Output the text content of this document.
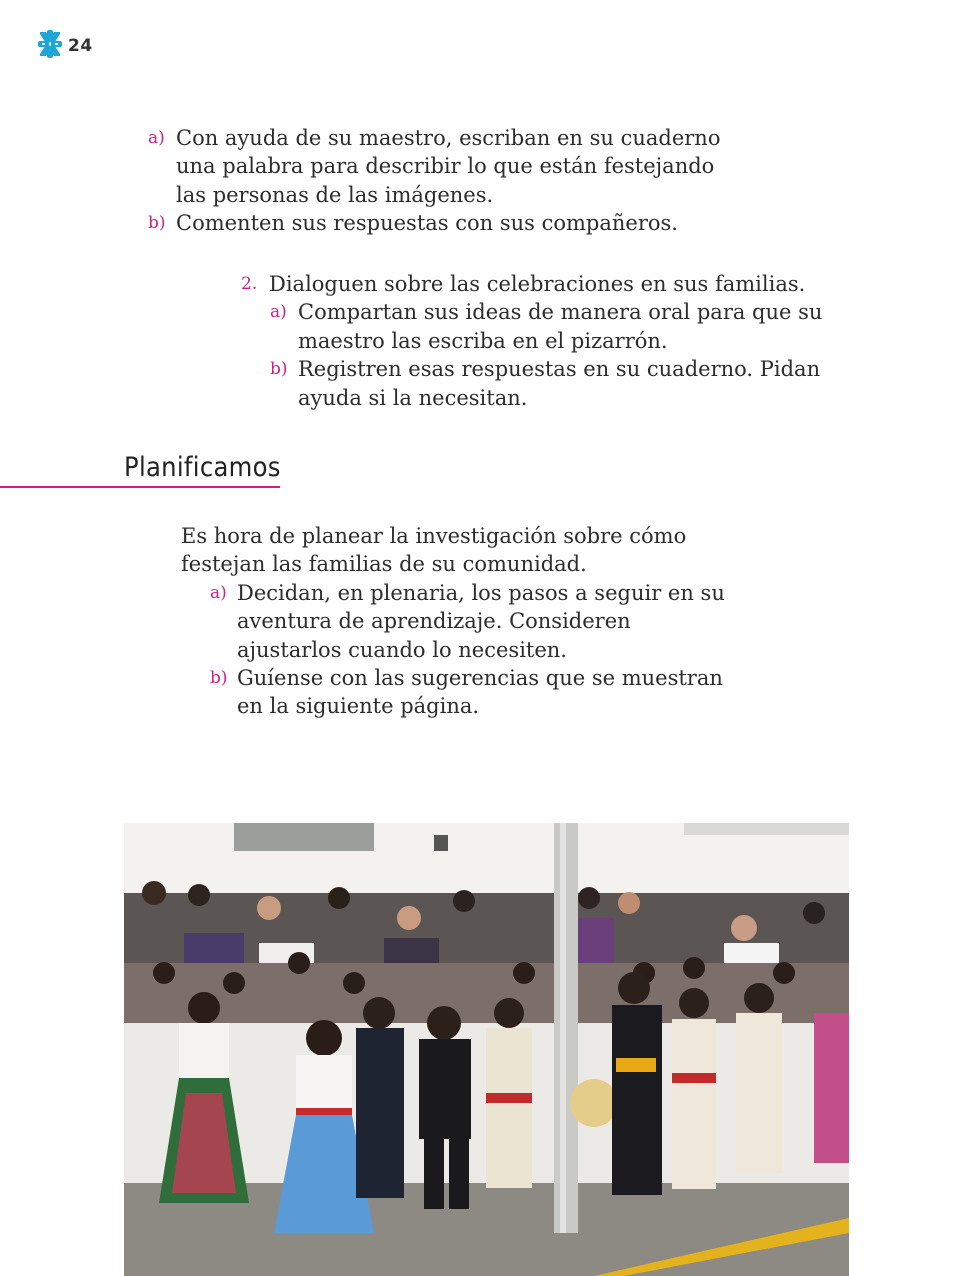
24
a) Con ayuda de su maestro, escriban en su cuaderno una palabra para describir lo que están festejando las personas de las imágenes.
b) Comenten sus respuestas con sus compañeros.
2. Dialoguen sobre las celebraciones en sus familias.
a) Compartan sus ideas de manera oral para que su maestro las escriba en el pizarrón.
b) Registren esas respuestas en su cuaderno. Pidan ayuda si la necesitan.
Planificamos
Es hora de planear la investigación sobre cómo festejan las familias de su comunidad.
a) Decidan, en plenaria, los pasos a seguir en su aventura de aprendizaje. Consideren ajustarlos cuando lo necesiten.
b) Guíense con las sugerencias que se muestran en la siguiente página.
